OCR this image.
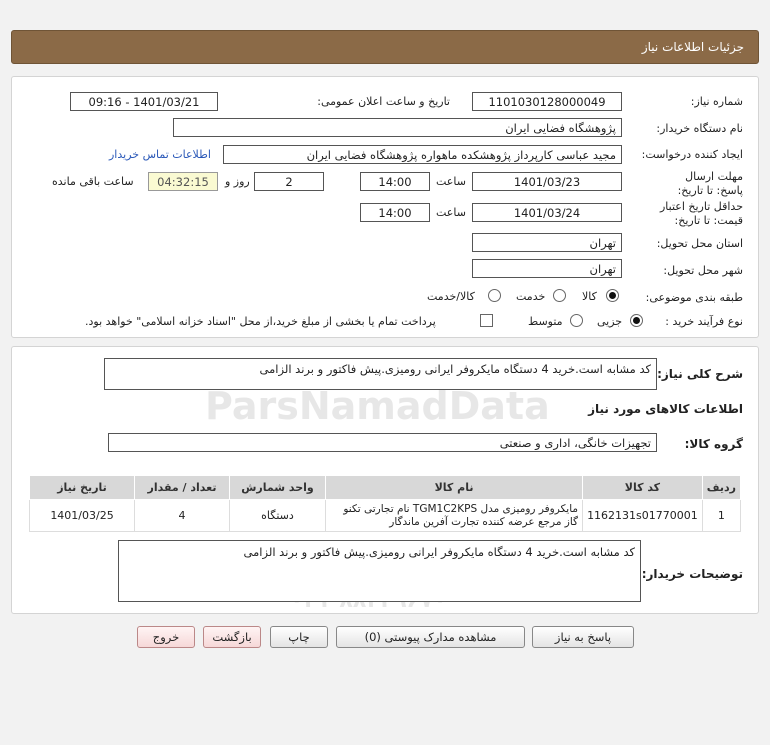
جزئیات اطلاعات نیاز
شماره نیاز:
1101030128000049
تاریخ و ساعت اعلان عمومی:
1401/03/21 - 09:16
نام دستگاه خریدار:
پژوهشگاه فضایی ایران
ایجاد کننده درخواست:
مجید عباسی کارپرداز پژوهشکده ماهواره پژوهشگاه فضایی ایران
اطلاعات تماس خریدار
مهلت ارسال پاسخ: تا تاریخ:
1401/03/23
ساعت
14:00
2
روز و
04:32:15
ساعت باقی مانده
حداقل تاریخ اعتبار قیمت: تا تاریخ:
1401/03/24
ساعت
14:00
استان محل تحویل:
تهران
شهر محل تحویل:
تهران
طبقه بندی موضوعی:
کالا
خدمت
کالا/خدمت
نوع فرآیند خرید :
جزیی
متوسط
پرداخت تمام یا بخشی از مبلغ خرید،از محل "اسناد خزانه اسلامی" خواهد بود.
شرح کلی نیاز:
کد مشابه است.خرید 4 دستگاه مایکروفر ایرانی رومیزی.پیش فاکتور و برند الزامی
اطلاعات کالاهای مورد نیاز
گروه کالا:
تجهیزات خانگی، اداری و صنعتی
ردیف	کد کالا	نام کالا	واحد شمارش	تعداد / مقدار	تاریخ نیاز
1	1162131s01770001	مایکروفر رومیزی مدل TGM1C2KPS نام تجارتی تکنو گاز مرجع عرضه کننده تجارت آفرین ماندگار	دستگاه	4	1401/03/25
توضیحات خریدار:
کد مشابه است.خرید 4 دستگاه مایکروفر ایرانی رومیزی.پیش فاکتور و برند الزامی
پاسخ به نیاز
مشاهده مدارک پیوستی (0)
چاپ
بازگشت
خروج
